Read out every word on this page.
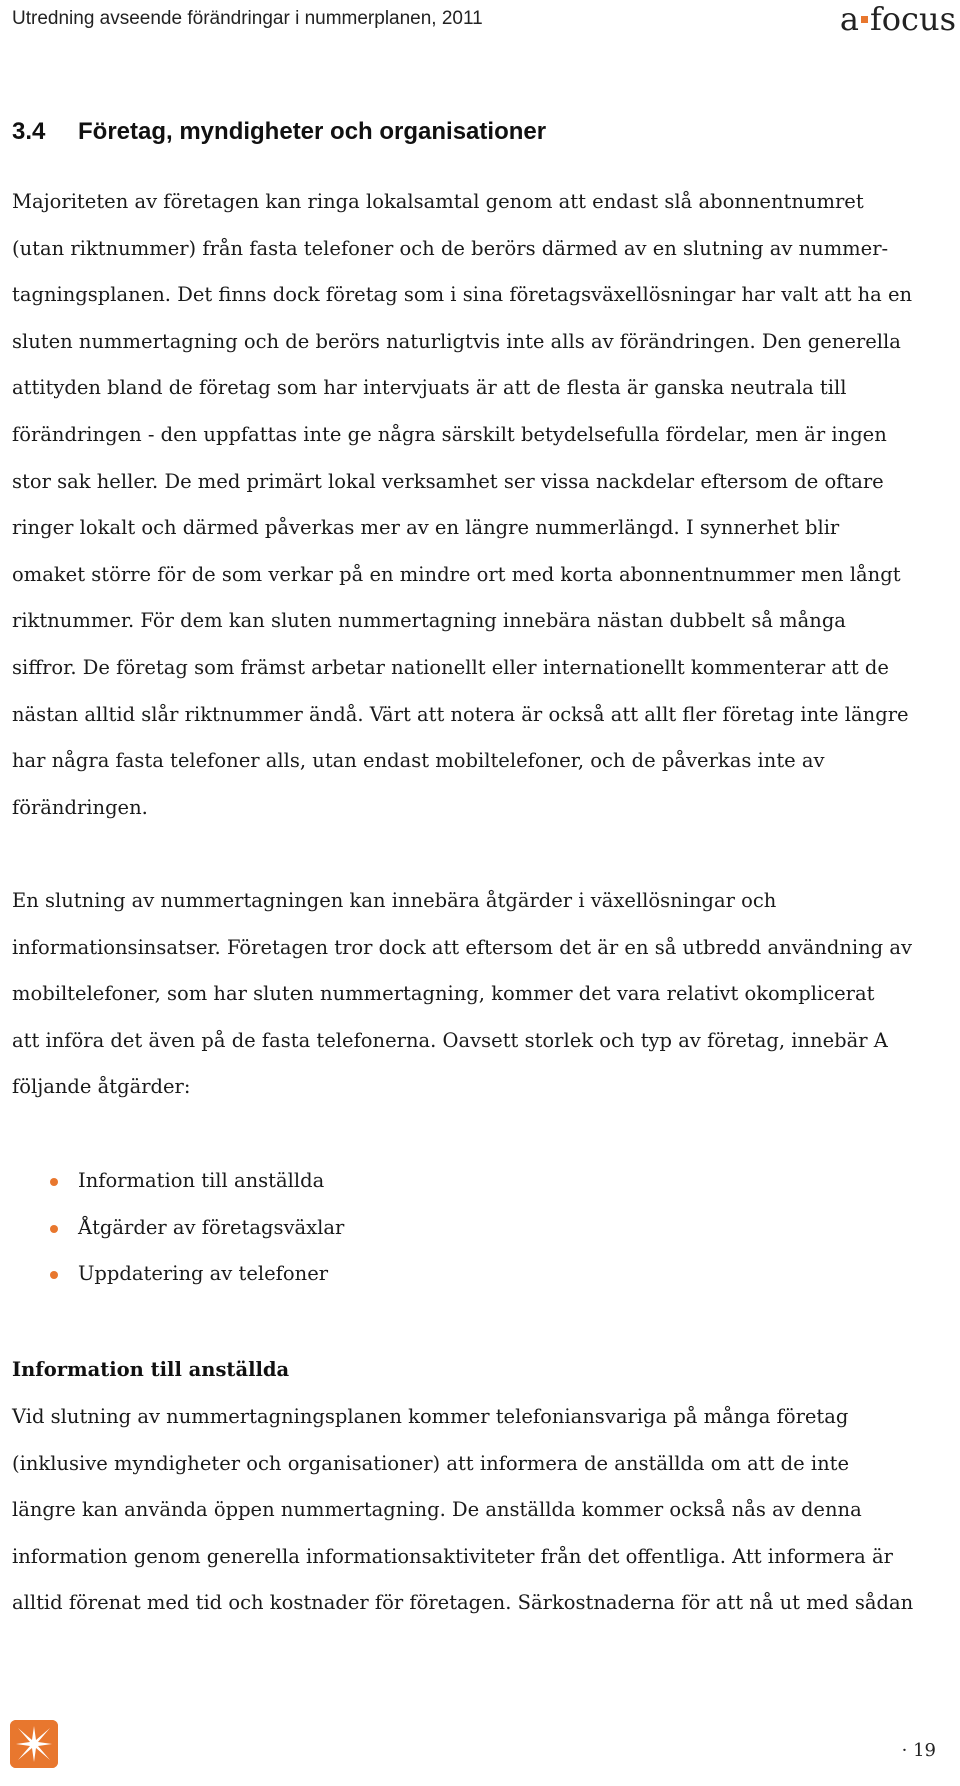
Utredning avseende förändringar i nummerplanen, 2011	a focus
3.4 Företag, myndigheter och organisationer
Majoriteten av företagen kan ringa lokalsamtal genom att endast slå abonnentnumret
(utan riktnummer) från fasta telefoner och de berörs därmed av en slutning av nummer-
tagningsplanen. Det finns dock företag som i sina företagsväxellösningar har valt att ha en
sluten nummertagning och de berörs naturligtvis inte alls av förändringen. Den generella
attityden bland de företag som har intervjuats är att de flesta är ganska neutrala till
förändringen - den uppfattas inte ge några särskilt betydelsefulla fördelar, men är ingen
stor sak heller. De med primärt lokal verksamhet ser vissa nackdelar eftersom de oftare
ringer lokalt och därmed påverkas mer av en längre nummerlängd. I synnerhet blir
omaket större för de som verkar på en mindre ort med korta abonnentnummer men långt
riktnummer. För dem kan sluten nummertagning innebära nästan dubbelt så många
siffror. De företag som främst arbetar nationellt eller internationellt kommenterar att de
nästan alltid slår riktnummer ändå. Värt att notera är också att allt fler företag inte längre
har några fasta telefoner alls, utan endast mobiltelefoner, och de påverkas inte av
förändringen.
En slutning av nummertagningen kan innebära åtgärder i växellösningar och
informationsinsatser. Företagen tror dock att eftersom det är en så utbredd användning av
mobiltelefoner, som har sluten nummertagning, kommer det vara relativt okomplicerat
att införa det även på de fasta telefonerna. Oavsett storlek och typ av företag, innebär A
följande åtgärder:
Information till anställda
Åtgärder av företagsväxlar
Uppdatering av telefoner
Information till anställda
Vid slutning av nummertagningsplanen kommer telefoniansvariga på många företag
(inklusive myndigheter och organisationer) att informera de anställda om att de inte
längre kan använda öppen nummertagning. De anställda kommer också nås av denna
information genom generella informationsaktiviteter från det offentliga. Att informera är
alltid förenat med tid och kostnader för företagen. Särkostnaderna för att nå ut med sådan
· 19
